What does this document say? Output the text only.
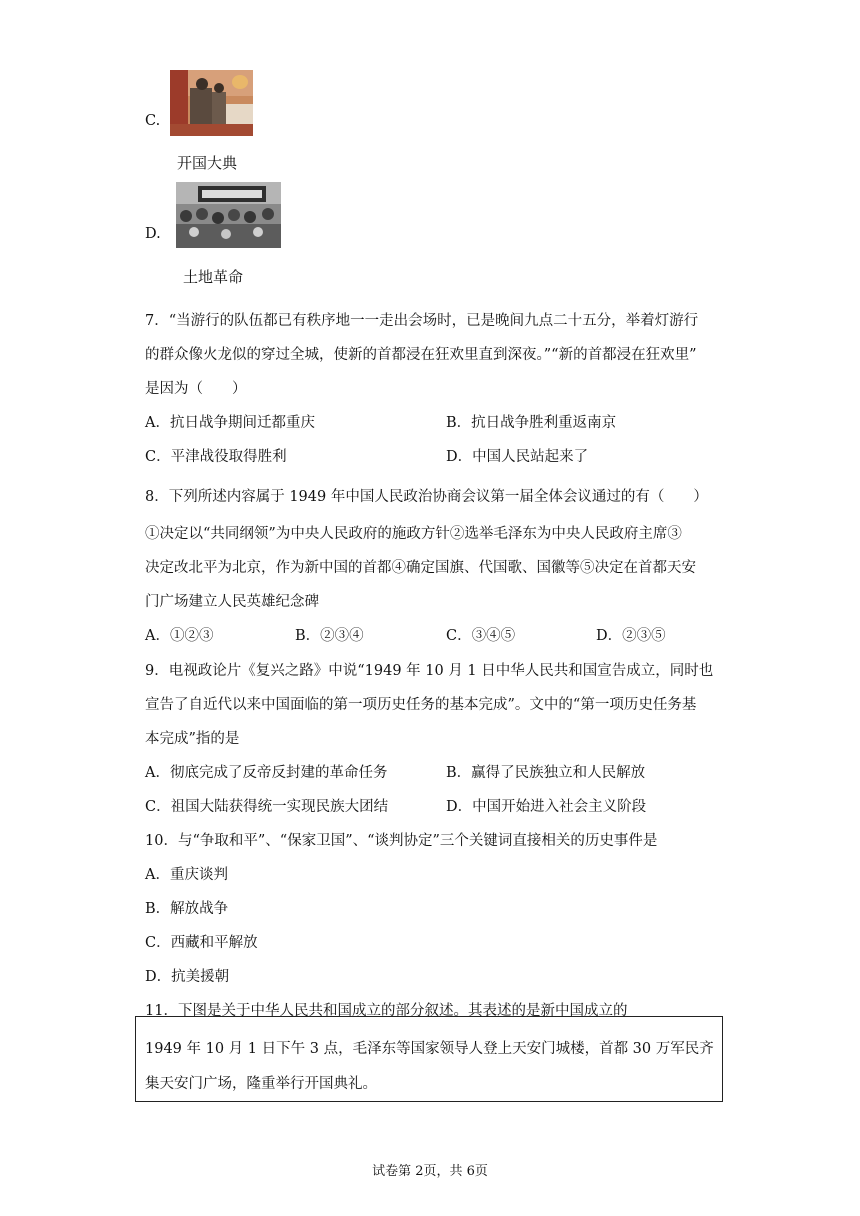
C.
开国大典
D.
土地革命
7．“当游行的队伍都已有秩序地一一走出会场时，已是晚间九点二十五分，举着灯游行
的群众像火龙似的穿过全城，使新的首都浸在狂欢里直到深夜。”“新的首都浸在狂欢里”
是因为（　　）
A．抗日战争期间迁都重庆	B．抗日战争胜利重返南京
C．平津战役取得胜利	D．中国人民站起来了
8．下列所述内容属于 1949 年中国人民政治协商会议第一届全体会议通过的有（　　）
①决定以“共同纲领”为中央人民政府的施政方针②选举毛泽东为中央人民政府主席③
决定改北平为北京，作为新中国的首都④确定国旗、代国歌、国徽等⑤决定在首都天安
门广场建立人民英雄纪念碑
A．①②③	B．②③④	C．③④⑤	D．②③⑤
9．电视政论片《复兴之路》中说“1949 年 10 月 1 日中华人民共和国宣告成立，同时也
宣告了自近代以来中国面临的第一项历史任务的基本完成”。文中的“第一项历史任务基
本完成”指的是
A．彻底完成了反帝反封建的革命任务	B．赢得了民族独立和人民解放
C．祖国大陆获得统一实现民族大团结	D．中国开始进入社会主义阶段
10．与“争取和平”、“保家卫国”、“谈判协定”三个关键词直接相关的历史事件是
A．重庆谈判
B．解放战争
C．西藏和平解放
D．抗美援朝
11．下图是关于中华人民共和国成立的部分叙述。其表述的是新中国成立的
1949 年 10 月 1 日下午 3 点，毛泽东等国家领导人登上天安门城楼，首都 30 万军民齐
集天安门广场，隆重举行开国典礼。
试卷第 2页，共 6页
